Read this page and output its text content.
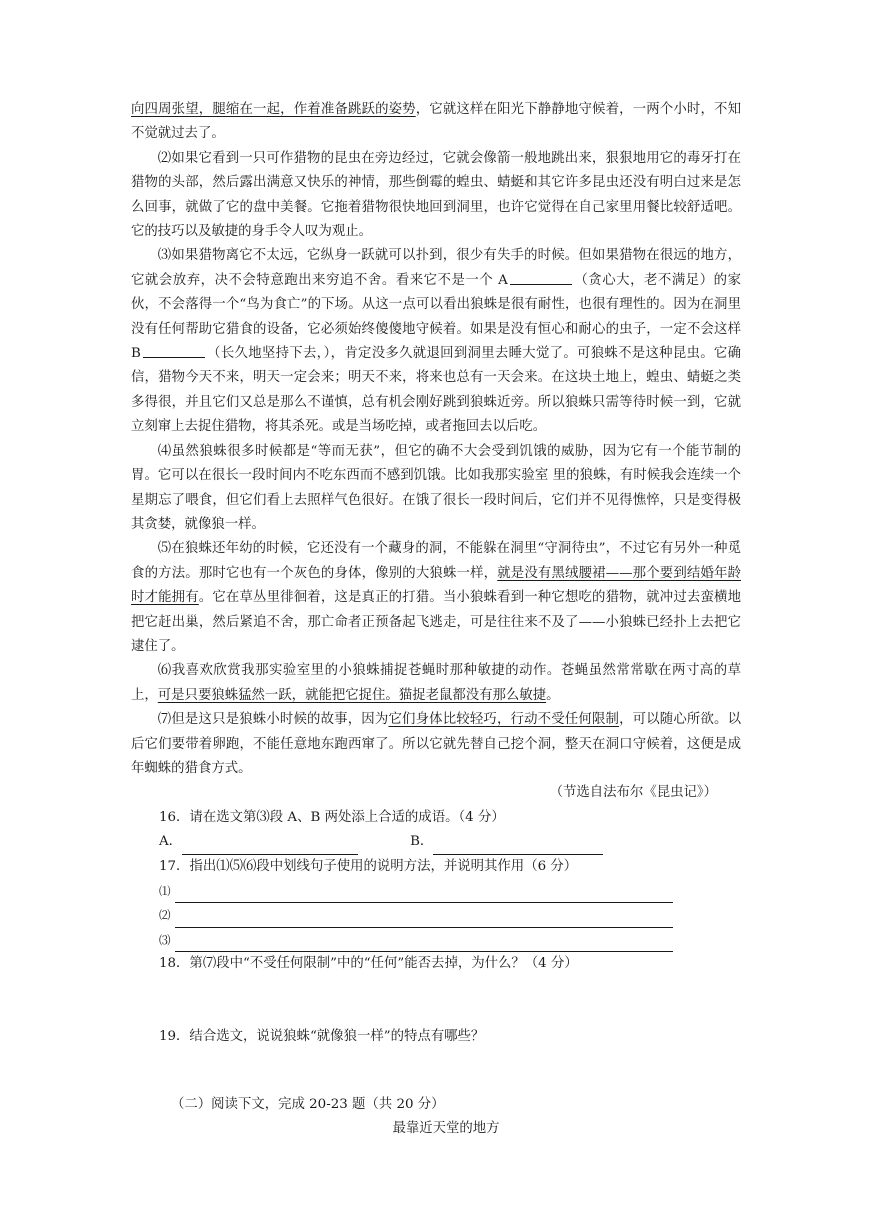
向四周张望，腿缩在一起，作着准备跳跃的姿势，它就这样在阳光下静静地守候着，一两个小时，不知不觉就过去了。

⑵如果它看到一只可作猎物的昆虫在旁边经过，它就会像箭一般地跳出来，狠狠地用它的毒牙打在猎物的头部，然后露出满意又快乐的神情，那些倒霉的蝗虫、蜻蜓和其它许多昆虫还没有明白过来是怎么回事，就做了它的盘中美餐。它拖着猎物很快地回到洞里，也许它觉得在自己家里用餐比较舒适吧。它的技巧以及敏捷的身手令人叹为观止。

⑶如果猎物离它不太远，它纵身一跃就可以扑到，很少有失手的时候。但如果猎物在很远的地方，它就会放弃，决不会特意跑出来穷追不舍。看来它不是一个 A	（贪心大，老不满足）的家伙，不会落得一个“鸟为食亡”的下场。从这一点可以看出狼蛛是很有耐性，也很有理性的。因为在洞里没有任何帮助它猎食的设备，它必须始终傻傻地守候着。如果是没有恒心和耐心的虫子，一定不会这样 B	（长久地坚持下去，），肯定没多久就退回到洞里去睡大觉了。可狼蛛不是这种昆虫。它确信，猎物今天不来，明天一定会来；明天不来，将来也总有一天会来。在这块土地上，蝗虫、蜻蜓之类多得很，并且它们又总是那么不谨慎，总有机会刚好跳到狼蛛近旁。所以狼蛛只需等待时候一到，它就立刻窜上去捉住猎物，将其杀死。或是当场吃掉，或者拖回去以后吃。

⑷虽然狼蛛很多时候都是“等而无获”，但它的确不大会受到饥饿的威胁，因为它有一个能节制的胃。它可以在很长一段时间内不吃东西而不感到饥饿。比如我那实验室 里的狼蛛，有时候我会连续一个星期忘了喂食，但它们看上去照样气色很好。在饿了很长一段时间后，它们并不见得憔悴，只是变得极其贪婪，就像狼一样。

⑸在狼蛛还年幼的时候，它还没有一个藏身的洞，不能躲在洞里“守洞待虫”，不过它有另外一种觅食的方法。那时它也有一个灰色的身体，像别的大狼蛛一样，就是没有黑绒腰裙——那个要到结婚年龄时才能拥有。它在草丛里徘徊着，这是真正的打猎。当小狼蛛看到一种它想吃的猎物，就冲过去蛮横地把它赶出巢，然后紧追不舍，那亡命者正预备起飞逃走，可是往往来不及了——小狼蛛已经扑上去把它逮住了。

⑹我喜欢欣赏我那实验室里的小狼蛛捕捉苍蝇时那种敏捷的动作。苍蝇虽然常常歇在两寸高的草上，可是只要狼蛛猛然一跃，就能把它捉住。猫捉老鼠都没有那么敏捷。

⑺但是这只是狼蛛小时候的故事，因为它们身体比较轻巧，行动不受任何限制，可以随心所欲。以后它们要带着卵跑，不能任意地东跑西窜了。所以它就先替自己挖个洞，整天在洞口守候着，这便是成年蜘蛛的猎食方式。

（节选自法布尔《昆虫记》）

16．请在选文第⑶段 A、B 两处添上合适的成语。（4 分）

A．	B．

17．指出⑴⑸⑹段中划线句子使用的说明方法，并说明其作用（6 分）

⑴

⑵

⑶

18．第⑺段中“不受任何限制”中的“任何”能否去掉，为什么？（4 分）

19．结合选文，说说狼蛛“就像狼一样”的特点有哪些？

（二）阅读下文，完成 20-23 题（共 20 分）

最靠近天堂的地方
